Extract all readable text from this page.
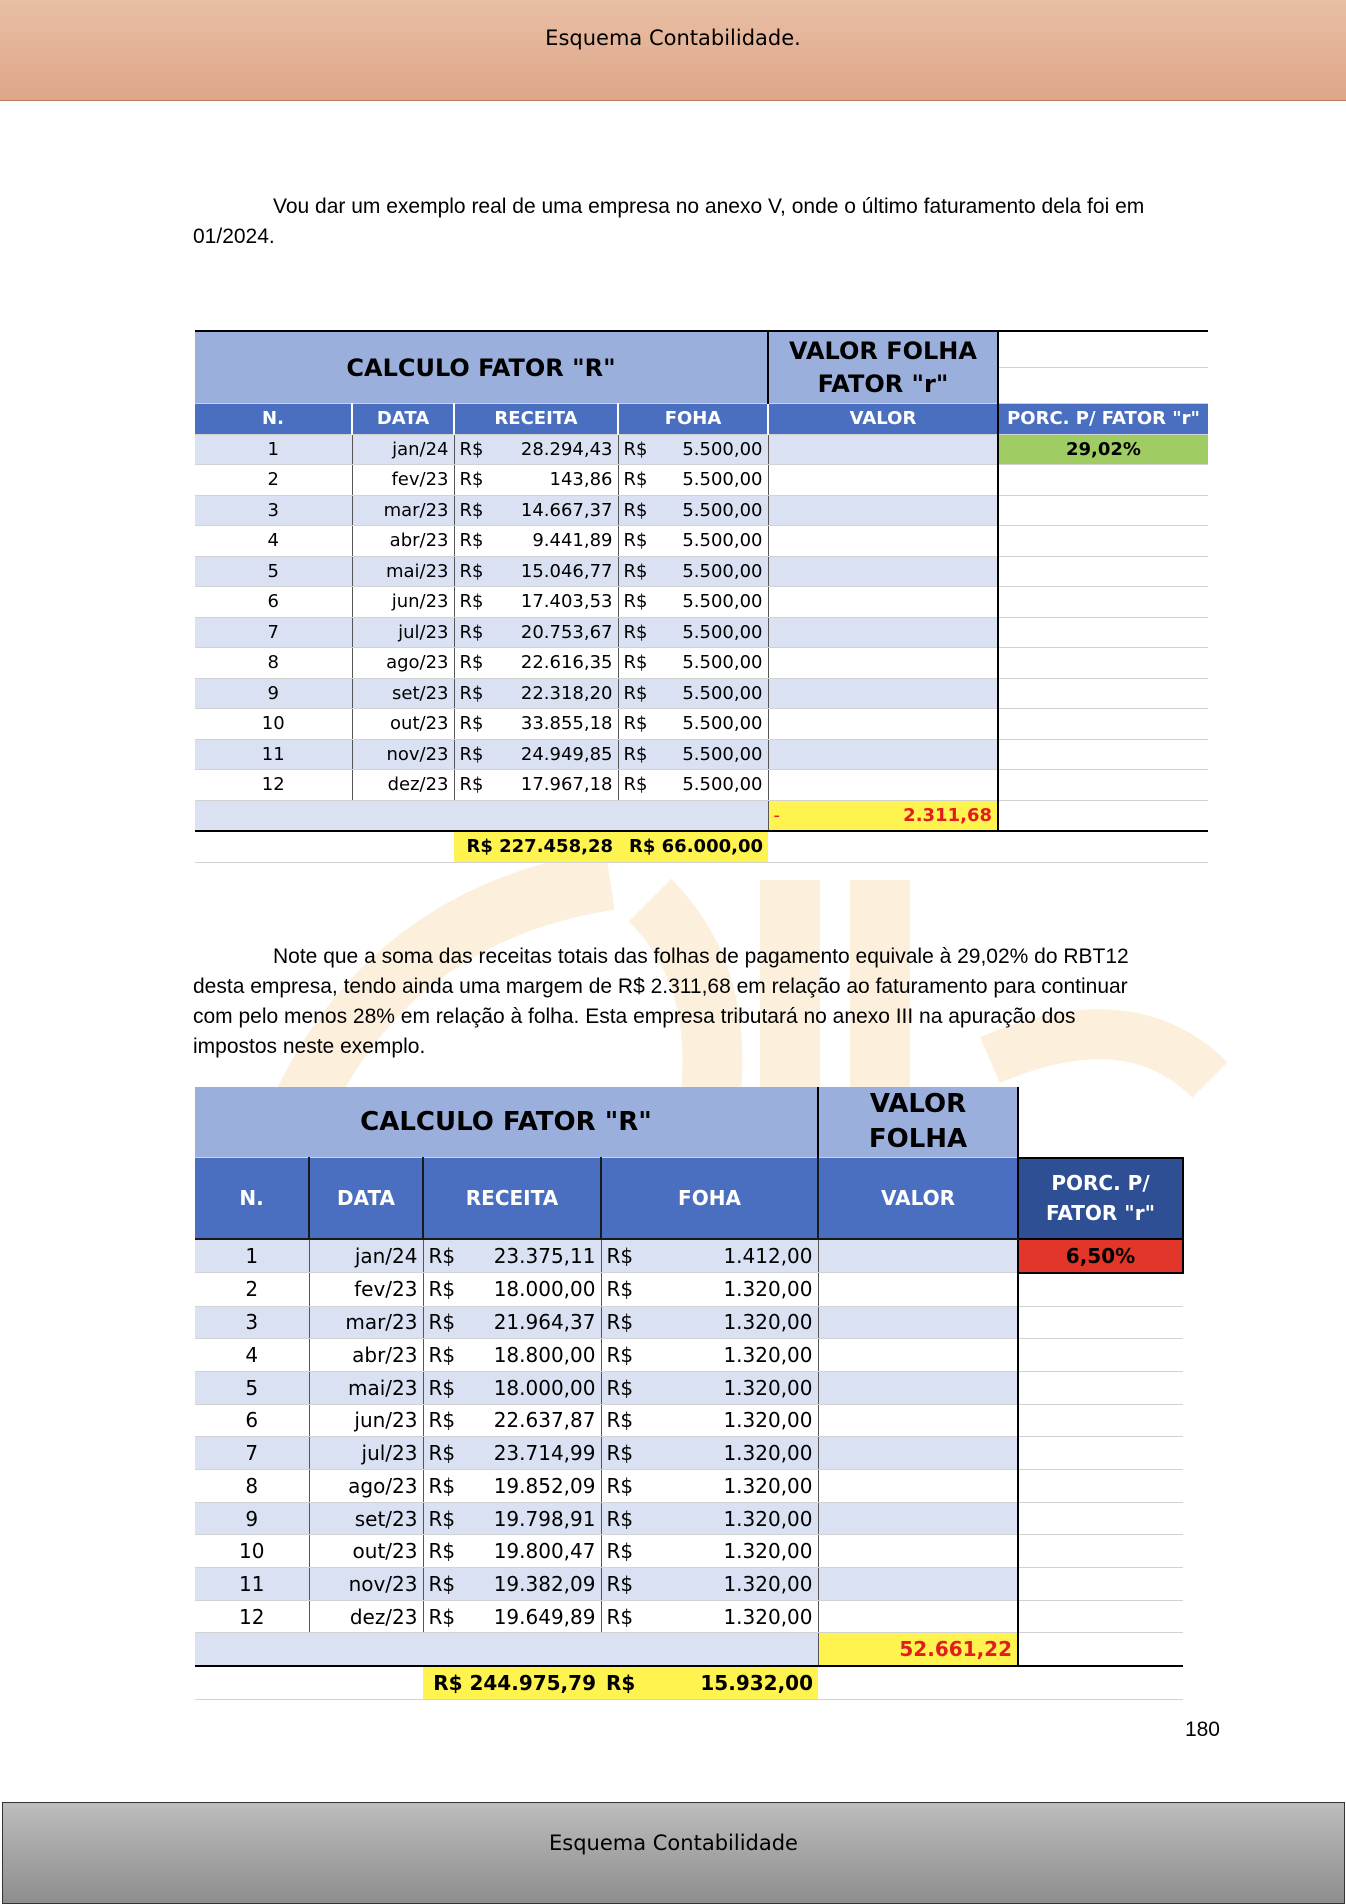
Esquema Contabilidade.
Vou dar um exemplo real de uma empresa no anexo V, onde o último faturamento dela foi em
01/2024.
CALCULO FATOR "R"				VALOR FOLHA
FATOR "r"	

N.	DATA	RECEITA	FOHA	VALOR	PORC. P/ FATOR "r"
1	jan/24	R$ 28.294,43	R$ 5.500,00		29,02%
2	fev/23	R$ 143,86	R$ 5.500,00		

3	mar/23	R$ 14.667,37	R$ 5.500,00		

4	abr/23	R$ 9.441,89	R$ 5.500,00		

5	mai/23	R$ 15.046,77	R$ 5.500,00		

6	jun/23	R$ 17.403,53	R$ 5.500,00		

7	jul/23	R$ 20.753,67	R$ 5.500,00		

8	ago/23	R$ 22.616,35	R$ 5.500,00		

9	set/23	R$ 22.318,20	R$ 5.500,00		

10	out/23	R$ 33.855,18	R$ 5.500,00		

11	nov/23	R$ 24.949,85	R$ 5.500,00		

12	dez/23	R$ 17.967,18	R$ 5.500,00		

				- 2.311,68	

		R$ 227.458,28	R$ 66.000,00		
Note que a soma das receitas totais das folhas de pagamento equivale à 29,02% do RBT12
desta empresa, tendo ainda uma margem de R$ 2.311,68 em relação ao faturamento para continuar
com pelo menos 28% em relação à folha. Esta empresa tributará no anexo III na apuração dos
impostos neste exemplo.
CALCULO FATOR "R"				VALOR
FOLHA	

N.	DATA	RECEITA	FOHA	VALOR	PORC. P/
FATOR "r"

1	jan/24	R$ 23.375,11	R$ 1.412,00		6,50%
2	fev/23	R$ 18.000,00	R$ 1.320,00		

3	mar/23	R$ 21.964,37	R$ 1.320,00		

4	abr/23	R$ 18.800,00	R$ 1.320,00		

5	mai/23	R$ 18.000,00	R$ 1.320,00		

6	jun/23	R$ 22.637,87	R$ 1.320,00		

7	jul/23	R$ 23.714,99	R$ 1.320,00		

8	ago/23	R$ 19.852,09	R$ 1.320,00		

9	set/23	R$ 19.798,91	R$ 1.320,00		

10	out/23	R$ 19.800,47	R$ 1.320,00		

11	nov/23	R$ 19.382,09	R$ 1.320,00		

12	dez/23	R$ 19.649,89	R$ 1.320,00		

				52.661,22	
		R$ 244.975,79	R$ 15.932,00		

180
Esquema Contabilidade
